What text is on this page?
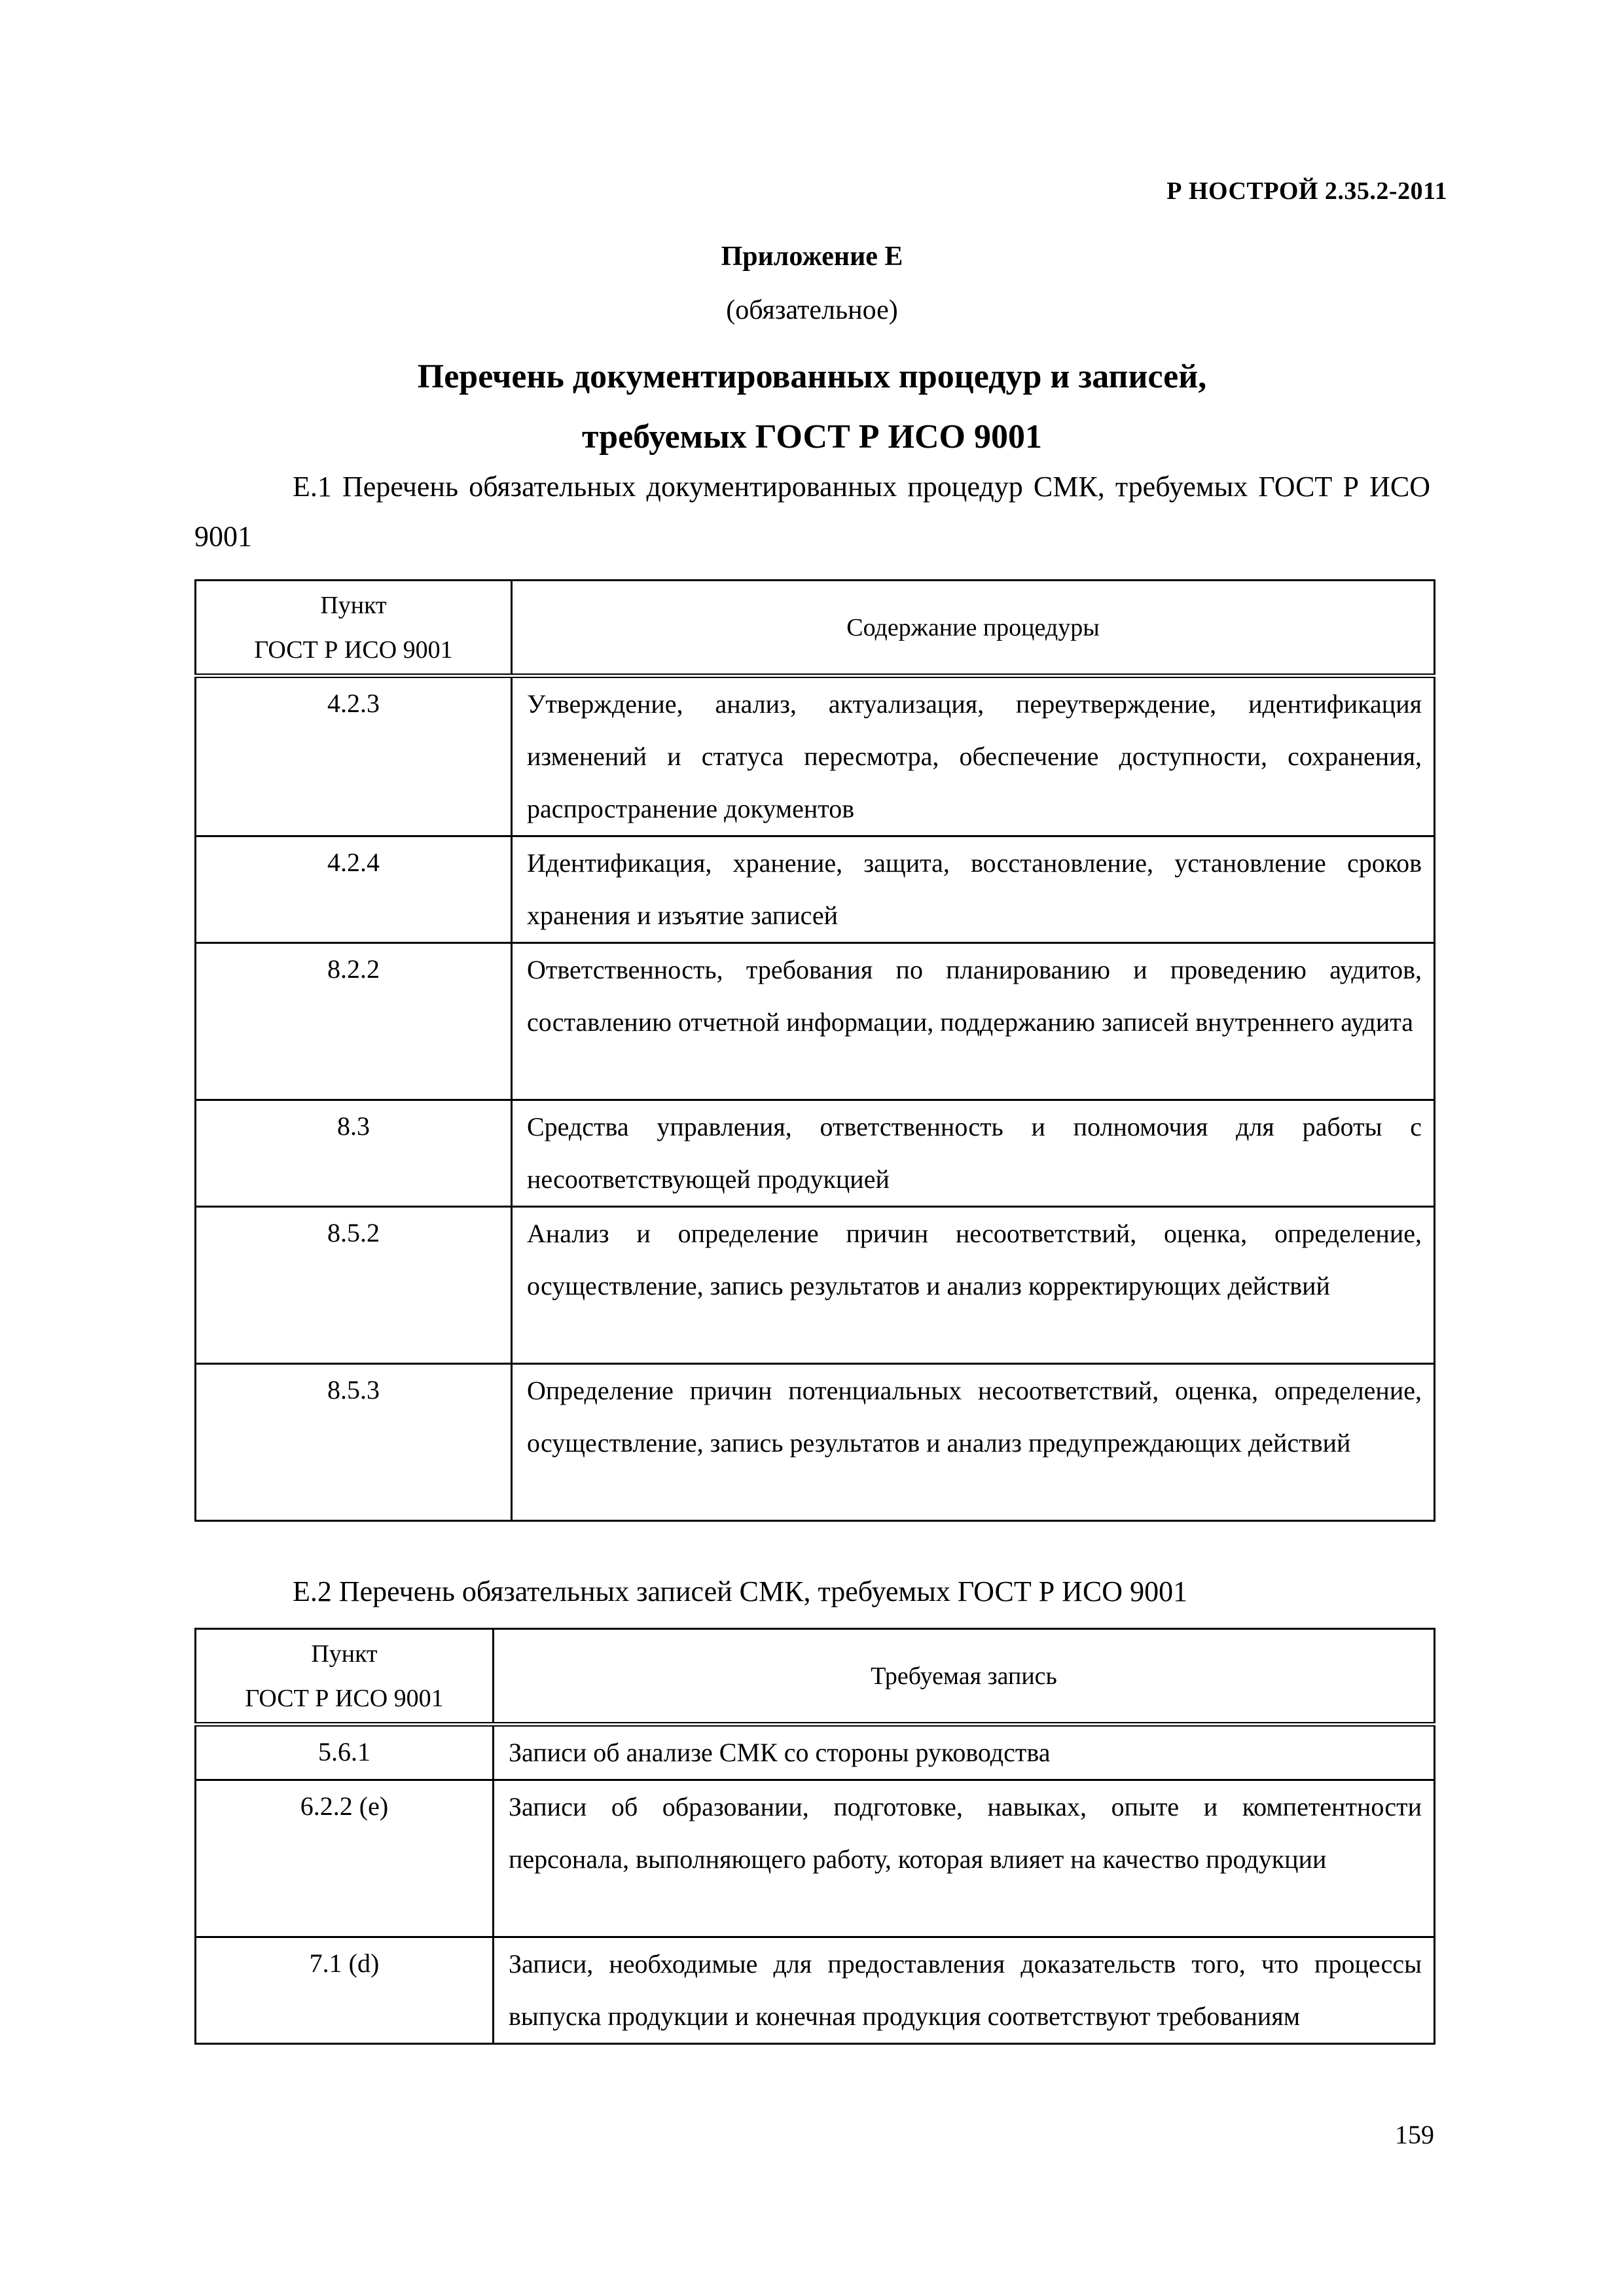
Р НОСТРОЙ 2.35.2-2011
Приложение Е
(обязательное)
Перечень документированных процедур и записей,
требуемых ГОСТ Р ИСО 9001
Е.1 Перечень обязательных документированных процедур СМК, требуемых ГОСТ Р ИСО 9001
Пункт
ГОСТ Р ИСО 9001	Содержание процедуры
4.2.3	Утверждение, анализ, актуализация, переутверждение, идентификация изменений и статуса пересмотра, обеспечение доступности, сохранения, распространение документов
4.2.4	Идентификация, хранение, защита, восстановление, установление сроков хранения и изъятие записей
8.2.2	Ответственность, требования по планированию и проведению аудитов, составлению отчетной информации, поддержанию записей внутреннего аудита
8.3	Средства управления, ответственность и полномочия для работы с несоответствующей продукцией
8.5.2	Анализ и определение причин несоответствий, оценка, определение, осуществление, запись результатов и анализ корректирующих действий
8.5.3	Определение причин потенциальных несоответствий, оценка, определение, осуществление, запись результатов и анализ предупреждающих действий
Е.2 Перечень обязательных записей СМК, требуемых ГОСТ Р ИСО 9001
Пункт
ГОСТ Р ИСО 9001	Требуемая запись
5.6.1	Записи об анализе СМК со стороны руководства
6.2.2 (е)	Записи об образовании, подготовке, навыках, опыте и компетентности персонала, выполняющего работу, которая влияет на качество продукции
7.1 (d)	Записи, необходимые для предоставления доказательств того, что процессы выпуска продукции и конечная продукция соответствуют требованиям
159
